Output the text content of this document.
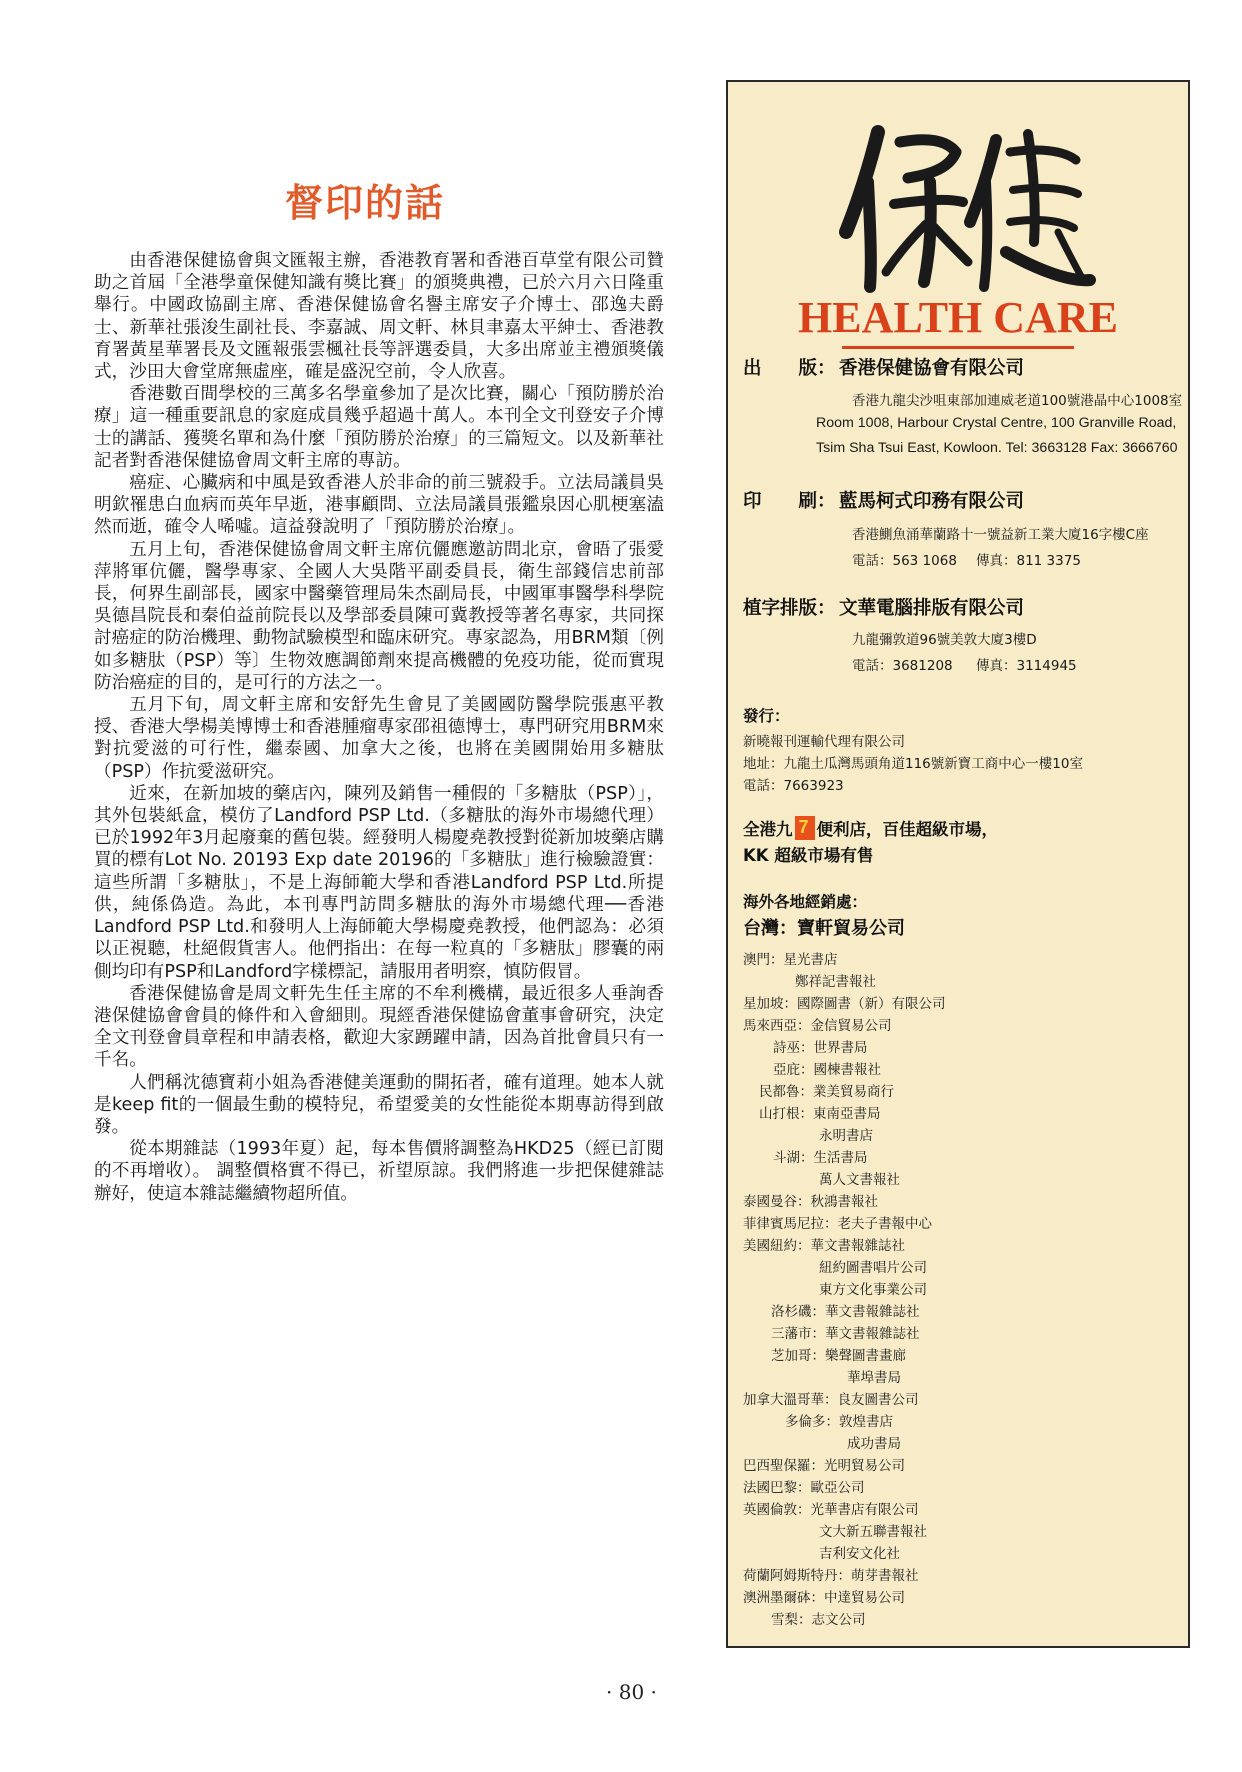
督印的話

由香港保健協會與文匯報主辦，香港教育署和香港百草堂有限公司贊助之首屆「全港學童保健知識有獎比賽」的頒獎典禮，已於六月六日隆重舉行。中國政協副主席、香港保健協會名譽主席安子介博士、邵逸夫爵士、新華社張浚生副社長、李嘉誠、周文軒、林貝聿嘉太平紳士、香港教育署黃星華署長及文匯報張雲楓社長等評選委員，大多出席並主禮頒獎儀式，沙田大會堂席無虛座，確是盛況空前，令人欣喜。

香港數百間學校的三萬多名學童參加了是次比賽，關心「預防勝於治療」這一種重要訊息的家庭成員幾乎超過十萬人。本刊全文刊登安子介博士的講話、獲獎名單和為什麼「預防勝於治療」的三篇短文。以及新華社記者對香港保健協會周文軒主席的專訪。

癌症、心臟病和中風是致香港人於非命的前三號殺手。立法局議員吳明欽罹患白血病而英年早逝，港事顧問、立法局議員張鑑泉因心肌梗塞溘然而逝，確令人唏噓。這益發說明了「預防勝於治療」。

五月上旬，香港保健協會周文軒主席伉儷應邀訪問北京，會晤了張愛萍將軍伉儷，醫學專家、全國人大吳階平副委員長，衛生部錢信忠前部長，何界生副部長，國家中醫藥管理局朱杰副局長，中國軍事醫學科學院吳德昌院長和秦伯益前院長以及學部委員陳可冀教授等著名專家，共同探討癌症的防治機理、動物試驗模型和臨床研究。專家認為，用BRM類〔例如多糖肽（PSP）等〕生物效應調節劑來提高機體的免疫功能，從而實現防治癌症的目的，是可行的方法之一。

五月下旬，周文軒主席和安舒先生會見了美國國防醫學院張惠平教授、香港大學楊美博博士和香港腫瘤專家邵祖德博士，專門研究用BRM來對抗愛滋的可行性，繼泰國、加拿大之後，也將在美國開始用多糖肽（PSP）作抗愛滋研究。

近來，在新加坡的藥店內，陳列及銷售一種假的「多糖肽（PSP）」，其外包裝紙盒，模仿了Landford PSP Ltd.（多糖肽的海外市場總代理）已於1992年3月起廢棄的舊包裝。經發明人楊慶堯教授對從新加坡藥店購買的標有Lot No. 20193 Exp date 20196的「多糖肽」進行檢驗證實：這些所謂「多糖肽」，不是上海師範大學和香港Landford PSP Ltd.所提供，純係偽造。為此，本刊專門訪問多糖肽的海外市場總代理──香港Landford PSP Ltd.和發明人上海師範大學楊慶堯教授，他們認為：必須以正視聽，杜絕假貨害人。他們指出：在每一粒真的「多糖肽」膠囊的兩側均印有PSP和Landford字樣標記，請服用者明察，慎防假冒。

香港保健協會是周文軒先生任主席的不牟利機構，最近很多人垂詢香港保健協會會員的條件和入會細則。現經香港保健協會董事會研究，決定全文刊登會員章程和申請表格，歡迎大家踴躍申請，因為首批會員只有一千名。

人們稱沈德寶莉小姐為香港健美運動的開拓者，確有道理。她本人就是keep fit的一個最生動的模特兒，希望愛美的女性能從本期專訪得到啟發。

從本期雜誌（1993年夏）起，每本售價將調整為HKD25（經已訂閱的不再增收）。 調整價格實不得已，祈望原諒。我們將進一步把保健雜誌辦好，使這本雜誌繼續物超所值。

· 80 ·
HEALTH CARE
出　　版： 香港保健協會有限公司
香港九龍尖沙咀東部加連威老道100號港晶中心1008室
Room 1008, Harbour Crystal Centre, 100 Granville Road,
Tsim Sha Tsui East, Kowloon. Tel: 3663128 Fax: 3666760
印　　刷： 藍馬柯式印務有限公司
香港鰂魚涌華蘭路十一號益新工業大廈16字樓C座
電話：563 1068 傳真：811 3375
植字排版： 文華電腦排版有限公司
九龍彌敦道96號美敦大廈3樓D
電話：3681208 傳真：3114945
發行：
新曉報刊運輸代理有限公司
地址：九龍土瓜灣馬頭角道116號新寶工商中心一樓10室
電話：7663923
全港九7 便利店，百佳超級市場，
KK 超級市場有售
海外各地經銷處：
台灣：寶軒貿易公司
澳門：星光書店
鄭祥記書報社
星加坡：國際圖書（新）有限公司
馬來西亞：金信貿易公司
詩巫：世界書局
亞庇：國棟書報社
民都魯：業美貿易商行
山打根：東南亞書局
永明書店
斗湖：生活書局
萬人文書報社
泰國曼谷：秋鴻書報社
菲律賓馬尼拉：老夫子書報中心
美國紐約：華文書報雜誌社
紐約圖書唱片公司
東方文化事業公司
洛杉磯：華文書報雜誌社
三藩市：華文書報雜誌社
芝加哥：樂聲圖書畫廊
華埠書局
加拿大溫哥華：良友圖書公司
多倫多：敦煌書店
成功書局
巴西聖保羅：光明貿易公司
法國巴黎：歐亞公司
英國倫敦：光華書店有限公司
文大新五聯書報社
吉利安文化社
荷蘭阿姆斯特丹：萌芽書報社
澳洲墨爾砵：中達貿易公司
雪梨：志文公司
